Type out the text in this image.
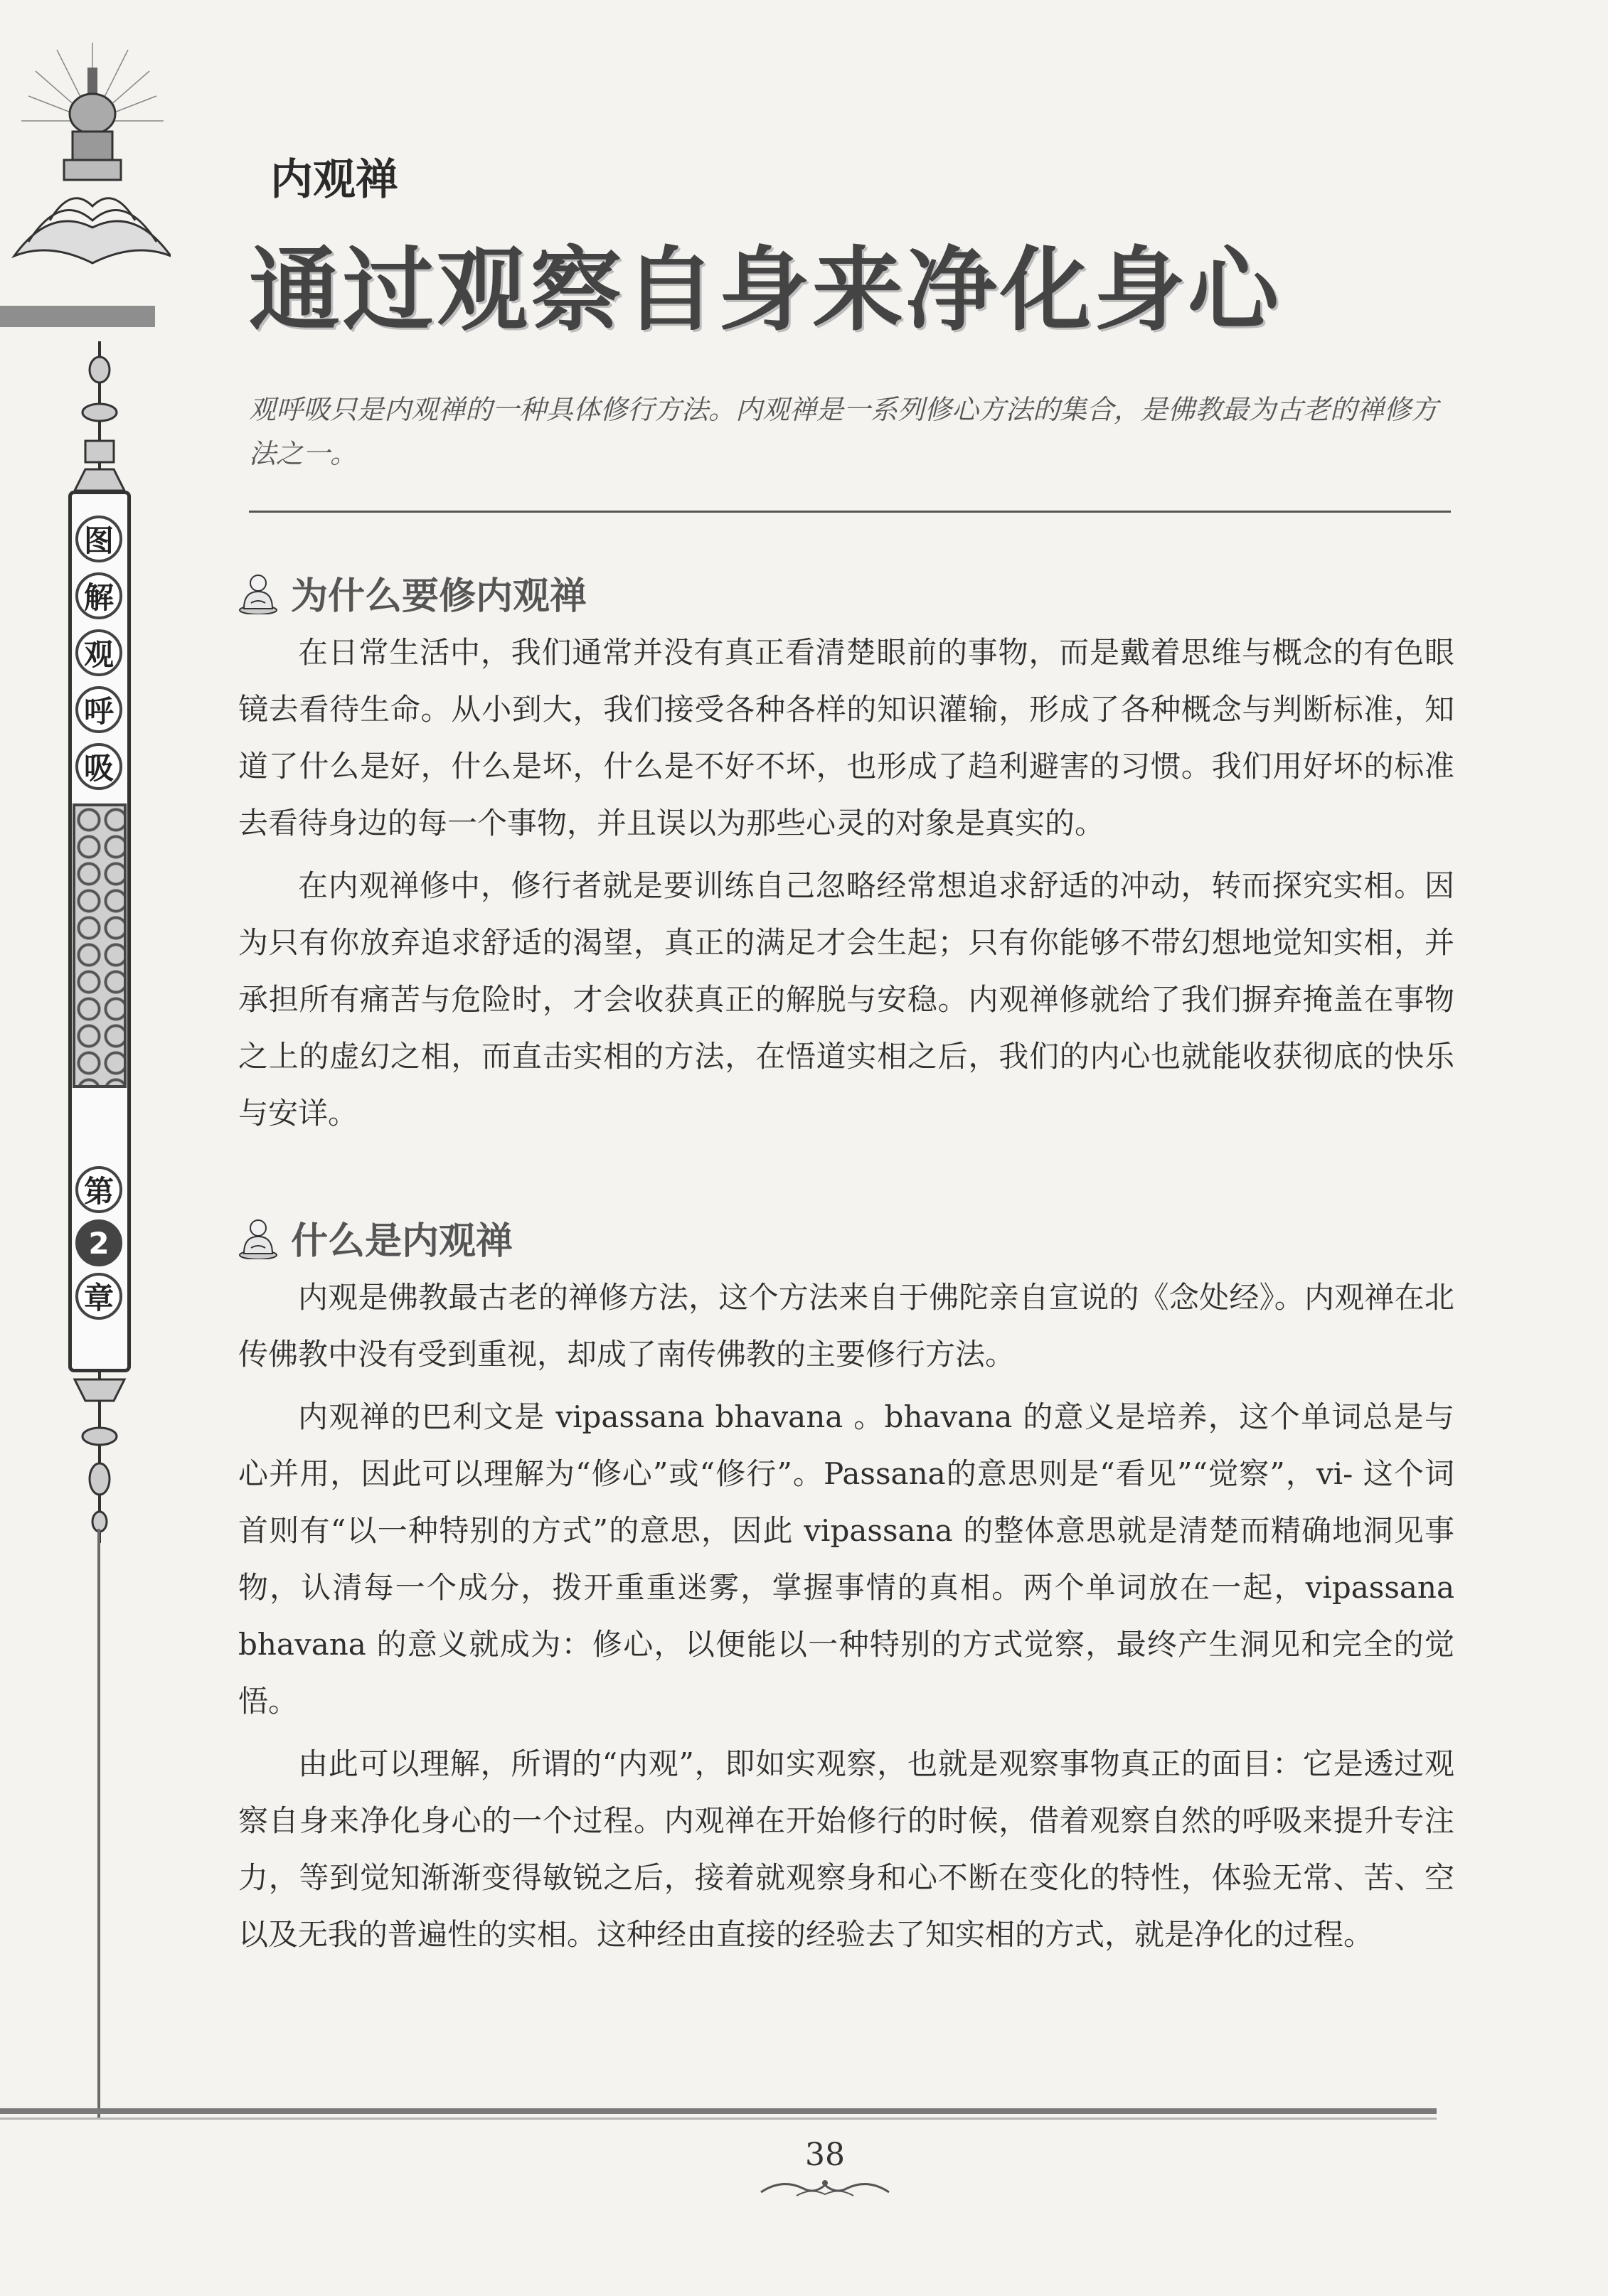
图
解
观
呼
吸
第
2
章
内观禅
通过观察自身来净化身心
观呼吸只是内观禅的一种具体修行方法。内观禅是一系列修心方法的集合，是佛教最为古老的禅修方法之一。
为什么要修内观禅

在日常生活中，我们通常并没有真正看清楚眼前的事物，而是戴着思维与概念的有色眼镜去看待生命。从小到大，我们接受各种各样的知识灌输，形成了各种概念与判断标准，知道了什么是好，什么是坏，什么是不好不坏，也形成了趋利避害的习惯。我们用好坏的标准去看待身边的每一个事物，并且误以为那些心灵的对象是真实的。

在内观禅修中，修行者就是要训练自己忽略经常想追求舒适的冲动，转而探究实相。因为只有你放弃追求舒适的渴望，真正的满足才会生起；只有你能够不带幻想地觉知实相，并承担所有痛苦与危险时，才会收获真正的解脱与安稳。内观禅修就给了我们摒弃掩盖在事物之上的虚幻之相，而直击实相的方法，在悟道实相之后，我们的内心也就能收获彻底的快乐与安详。

什么是内观禅

内观是佛教最古老的禅修方法，这个方法来自于佛陀亲自宣说的《念处经》。内观禅在北传佛教中没有受到重视，却成了南传佛教的主要修行方法。

内观禅的巴利文是 vipassana bhavana 。bhavana 的意义是培养，这个单词总是与心并用，因此可以理解为“修心”或“修行”。Passana的意思则是“看见”“觉察”，vi- 这个词首则有“以一种特别的方式”的意思，因此 vipassana 的整体意思就是清楚而精确地洞见事物，认清每一个成分，拨开重重迷雾，掌握事情的真相。两个单词放在一起，vipassana bhavana 的意义就成为：修心，以便能以一种特别的方式觉察，最终产生洞见和完全的觉悟。

由此可以理解，所谓的“内观”，即如实观察，也就是观察事物真正的面目：它是透过观察自身来净化身心的一个过程。内观禅在开始修行的时候，借着观察自然的呼吸来提升专注力，等到觉知渐渐变得敏锐之后，接着就观察身和心不断在变化的特性，体验无常、苦、空以及无我的普遍性的实相。这种经由直接的经验去了知实相的方式，就是净化的过程。

38
